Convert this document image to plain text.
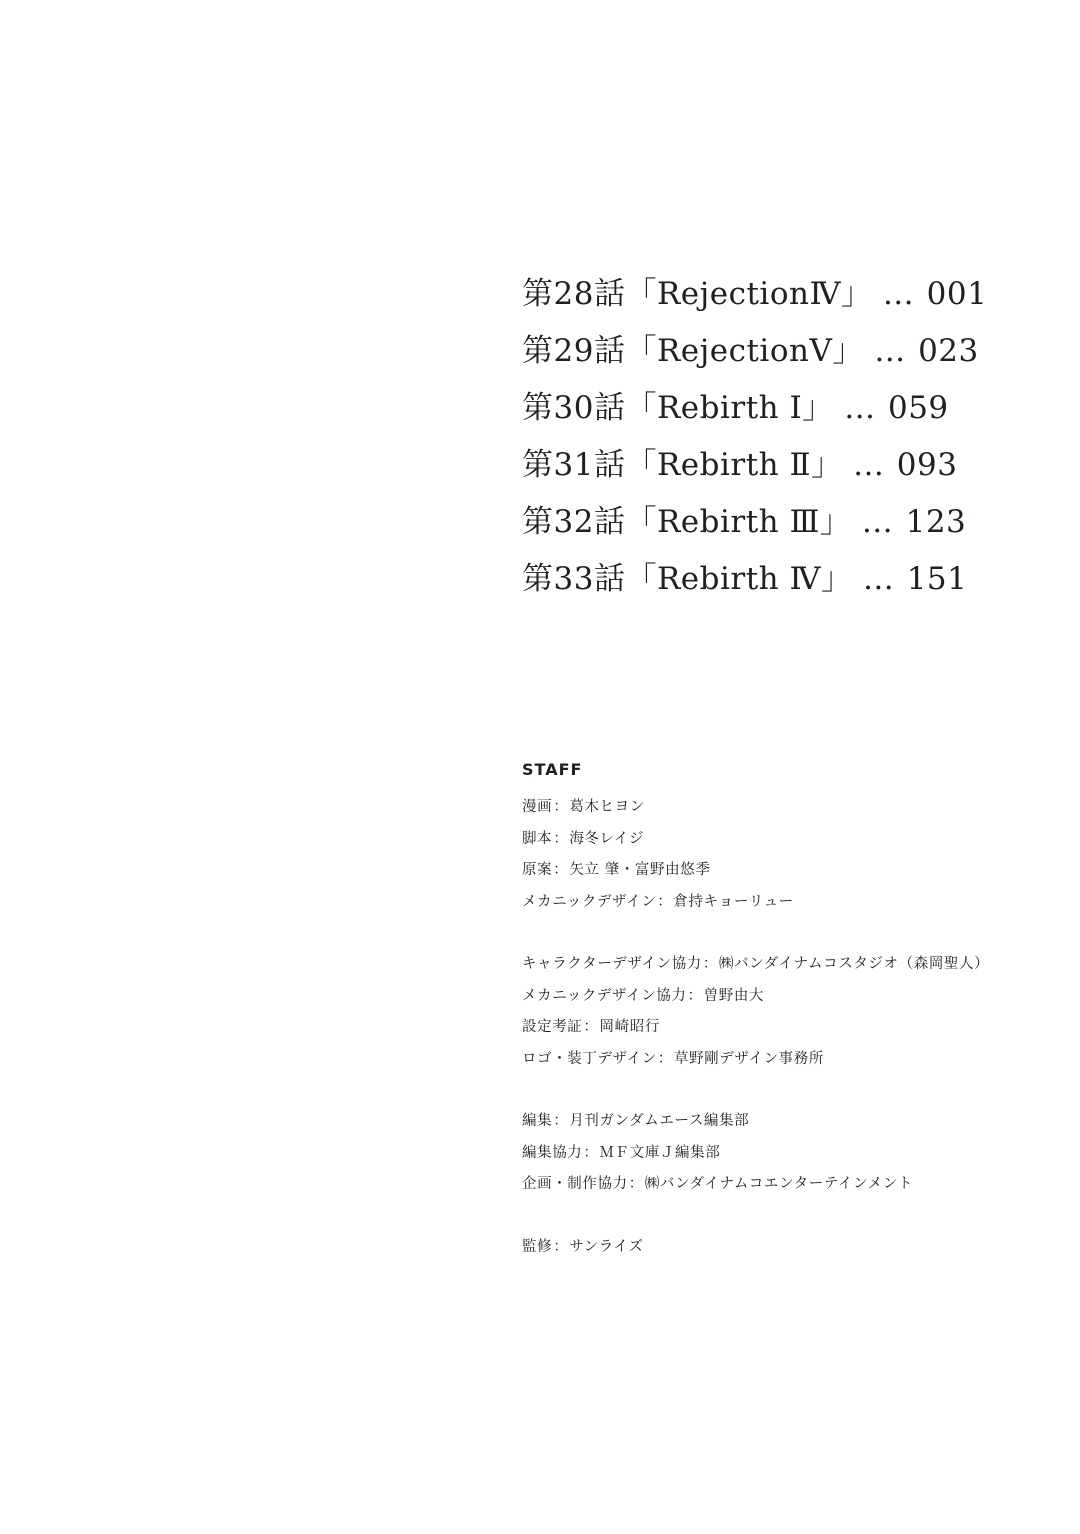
第28話「RejectionⅣ」 … 001
第29話「RejectionⅤ」 … 023
第30話「Rebirth Ⅰ」 … 059
第31話「Rebirth Ⅱ」 … 093
第32話「Rebirth Ⅲ」 … 123
第33話「Rebirth Ⅳ」 … 151
STAFF
漫画：葛木ヒヨン
脚本：海冬レイジ
原案：矢立 肇・富野由悠季
メカニックデザイン：倉持キョーリュー
キャラクターデザイン協力：㈱バンダイナムコスタジオ（森岡聖人）
メカニックデザイン協力：曽野由大
設定考証：岡崎昭行
ロゴ・装丁デザイン：草野剛デザイン事務所
編集：月刊ガンダムエース編集部
編集協力：ＭＦ文庫Ｊ編集部
企画・制作協力：㈱バンダイナムコエンターテインメント
監修：サンライズ
